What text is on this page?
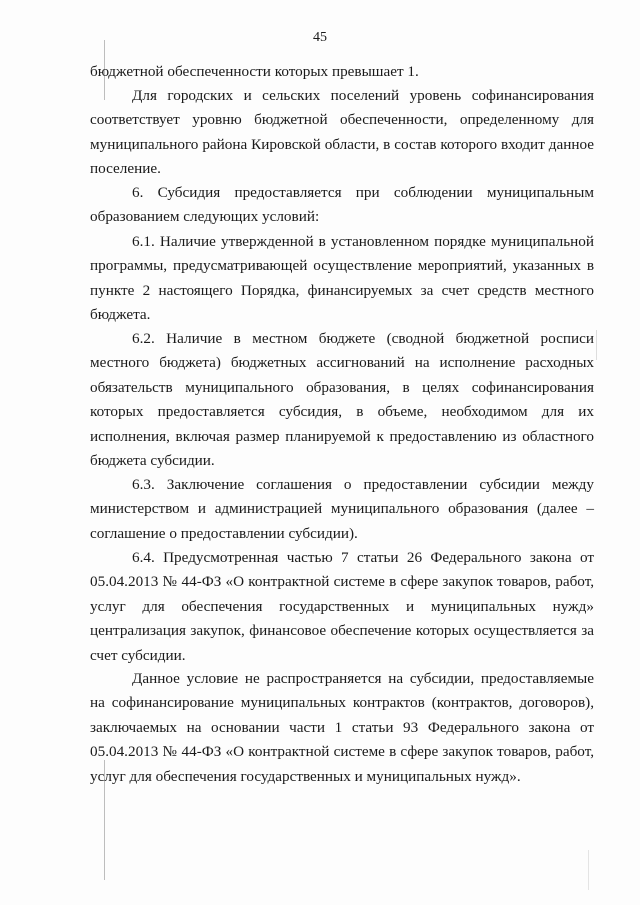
45

бюджетной обеспеченности которых превышает 1.

Для городских и сельских поселений уровень софинансирования соответствует уровню бюджетной обеспеченности, определенному для муниципального района Кировской области, в состав которого входит данное поселение.

6. Субсидия предоставляется при соблюдении муниципальным образованием следующих условий:

6.1. Наличие утвержденной в установленном порядке муниципальной программы, предусматривающей осуществление мероприятий, указанных в пункте 2 настоящего Порядка, финансируемых за счет средств местного бюджета.

6.2. Наличие в местном бюджете (сводной бюджетной росписи местного бюджета) бюджетных ассигнований на исполнение расходных обязательств муниципального образования, в целях софинансирования которых предоставляется субсидия, в объеме, необходимом для их исполнения, включая размер планируемой к предоставлению из областного бюджета субсидии.

6.3. Заключение соглашения о предоставлении субсидии между министерством и администрацией муниципального образования (далее – соглашение о предоставлении субсидии).

6.4. Предусмотренная частью 7 статьи 26 Федерального закона от 05.04.2013 № 44-ФЗ «О контрактной системе в сфере закупок товаров, работ, услуг для обеспечения государственных и муниципальных нужд» централизация закупок, финансовое обеспечение которых осуществляется за счет субсидии.

Данное условие не распространяется на субсидии, предоставляемые на софинансирование муниципальных контрактов (контрактов, договоров), заключаемых на основании части 1 статьи 93 Федерального закона от 05.04.2013 № 44-ФЗ «О контрактной системе в сфере закупок товаров, работ, услуг для обеспечения государственных и муниципальных нужд».
